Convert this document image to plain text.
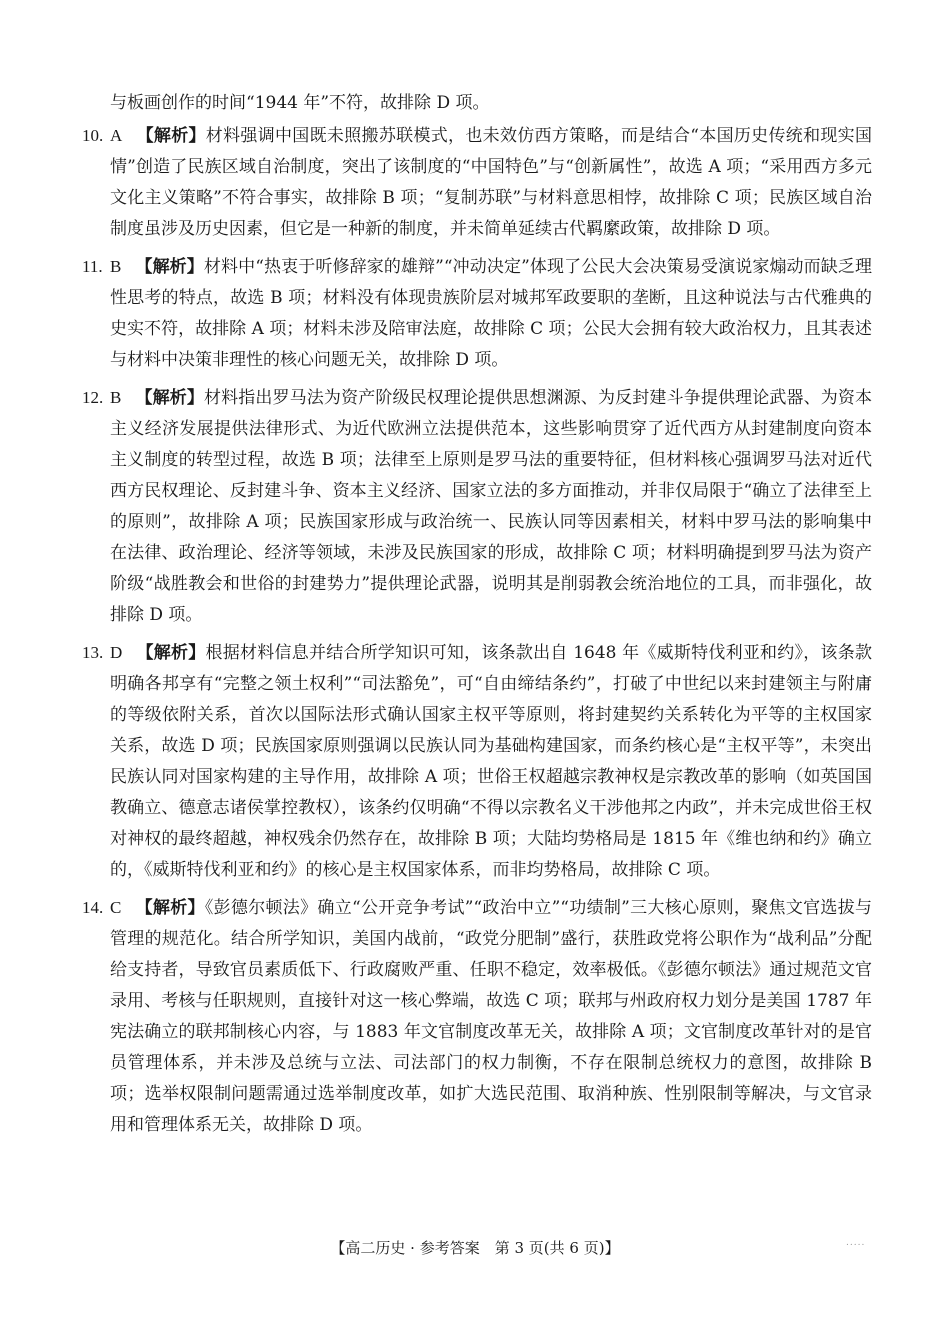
与板画创作的时间“1944 年”不符，故排除 D 项。
10. A 【解析】材料强调中国既未照搬苏联模式，也未效仿西方策略，而是结合“本国历史传统和现实国情”创造了民族区域自治制度，突出了该制度的“中国特色”与“创新属性”，故选 A 项；“采用西方多元文化主义策略”不符合事实，故排除 B 项；“复制苏联”与材料意思相悖，故排除 C 项；民族区域自治制度虽涉及历史因素，但它是一种新的制度，并未简单延续古代羁縻政策，故排除 D 项。
11. B 【解析】材料中“热衷于听修辞家的雄辩”“冲动决定”体现了公民大会决策易受演说家煽动而缺乏理性思考的特点，故选 B 项；材料没有体现贵族阶层对城邦军政要职的垄断，且这种说法与古代雅典的史实不符，故排除 A 项；材料未涉及陪审法庭，故排除 C 项；公民大会拥有较大政治权力，且其表述与材料中决策非理性的核心问题无关，故排除 D 项。
12. B 【解析】材料指出罗马法为资产阶级民权理论提供思想渊源、为反封建斗争提供理论武器、为资本主义经济发展提供法律形式、为近代欧洲立法提供范本，这些影响贯穿了近代西方从封建制度向资本主义制度的转型过程，故选 B 项；法律至上原则是罗马法的重要特征，但材料核心强调罗马法对近代西方民权理论、反封建斗争、资本主义经济、国家立法的多方面推动，并非仅局限于“确立了法律至上的原则”，故排除 A 项；民族国家形成与政治统一、民族认同等因素相关，材料中罗马法的影响集中在法律、政治理论、经济等领域，未涉及民族国家的形成，故排除 C 项；材料明确提到罗马法为资产阶级“战胜教会和世俗的封建势力”提供理论武器，说明其是削弱教会统治地位的工具，而非强化，故排除 D 项。
13. D 【解析】根据材料信息并结合所学知识可知，该条款出自 1648 年《威斯特伐利亚和约》，该条款明确各邦享有“完整之领土权利”“司法豁免”，可“自由缔结条约”，打破了中世纪以来封建领主与附庸的等级依附关系，首次以国际法形式确认国家主权平等原则，将封建契约关系转化为平等的主权国家关系，故选 D 项；民族国家原则强调以民族认同为基础构建国家，而条约核心是“主权平等”，未突出民族认同对国家构建的主导作用，故排除 A 项；世俗王权超越宗教神权是宗教改革的影响（如英国国教确立、德意志诸侯掌控教权），该条约仅明确“不得以宗教名义干涉他邦之内政”，并未完成世俗王权对神权的最终超越，神权残余仍然存在，故排除 B 项；大陆均势格局是 1815 年《维也纳和约》确立的，《威斯特伐利亚和约》的核心是主权国家体系，而非均势格局，故排除 C 项。
14. C 【解析】《彭德尔顿法》确立“公开竞争考试”“政治中立”“功绩制”三大核心原则，聚焦文官选拔与管理的规范化。结合所学知识，美国内战前，“政党分肥制”盛行，获胜政党将公职作为“战利品”分配给支持者，导致官员素质低下、行政腐败严重、任职不稳定，效率极低。《彭德尔顿法》通过规范文官录用、考核与任职规则，直接针对这一核心弊端，故选 C 项；联邦与州政府权力划分是美国 1787 年宪法确立的联邦制核心内容，与 1883 年文官制度改革无关，故排除 A 项；文官制度改革针对的是官员管理体系，并未涉及总统与立法、司法部门的权力制衡，不存在限制总统权力的意图，故排除 B 项；选举权限制问题需通过选举制度改革，如扩大选民范围、取消种族、性别限制等解决，与文官录用和管理体系无关，故排除 D 项。
【高二历史 · 参考答案　第 3 页(共 6 页)】	.....
